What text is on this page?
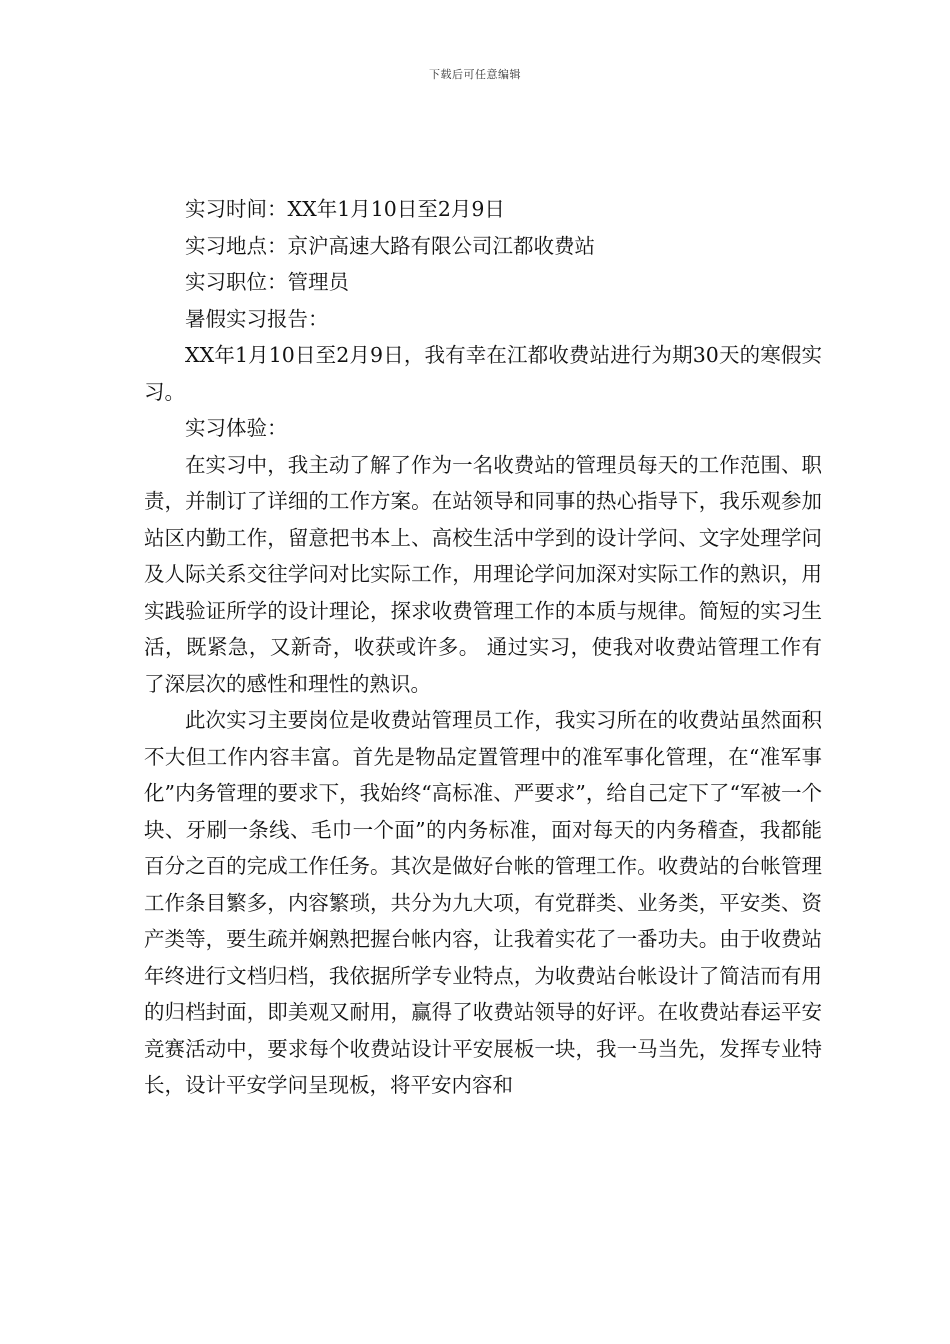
下载后可任意编辑

实习时间：XX年1月10日至2月9日

实习地点：京沪高速大路有限公司江都收费站

实习职位：管理员

暑假实习报告：

XX年1月10日至2月9日，我有幸在江都收费站进行为期30天的寒假实习。

实习体验：

在实习中，我主动了解了作为一名收费站的管理员每天的工作范围、职责，并制订了详细的工作方案。在站领导和同事的热心指导下，我乐观参加站区内勤工作，留意把书本上、高校生活中学到的设计学问、文字处理学问及人际关系交往学问对比实际工作，用理论学问加深对实际工作的熟识，用实践验证所学的设计理论，探求收费管理工作的本质与规律。简短的实习生活，既紧急，又新奇，收获或许多。 通过实习，使我对收费站管理工作有了深层次的感性和理性的熟识。

此次实习主要岗位是收费站管理员工作，我实习所在的收费站虽然面积不大但工作内容丰富。首先是物品定置管理中的准军事化管理，在“准军事化”内务管理的要求下，我始终“高标准、严要求”，给自己定下了“军被一个块、牙刷一条线、毛巾一个面”的内务标准，面对每天的内务稽查，我都能百分之百的完成工作任务。其次是做好台帐的管理工作。收费站的台帐管理工作条目繁多，内容繁琐，共分为九大项，有党群类、业务类，平安类、资产类等，要生疏并娴熟把握台帐内容，让我着实花了一番功夫。由于收费站年终进行文档归档，我依据所学专业特点，为收费站台帐设计了简洁而有用的归档封面，即美观又耐用，赢得了收费站领导的好评。在收费站春运平安竞赛活动中，要求每个收费站设计平安展板一块，我一马当先，发挥专业特长，设计平安学问呈现板，将平安内容和
